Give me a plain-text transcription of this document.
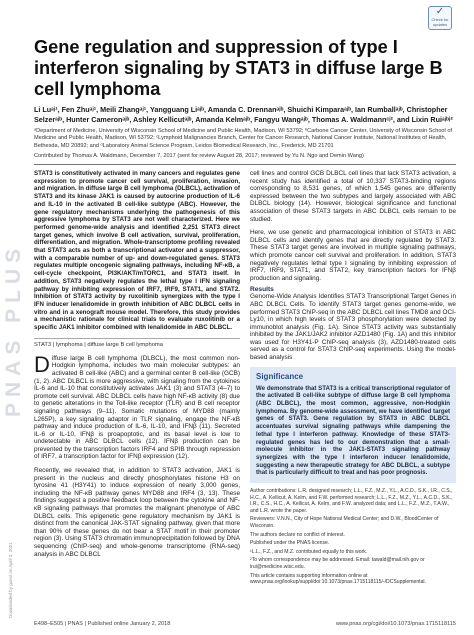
PNAS PLUS
Downloaded by guest on April 3, 2021
✓
Check for
updates
Gene regulation and suppression of type I interferon signaling by STAT3 in diffuse large B cell lymphoma
Li Luᵃʲ¹, Fen Zhuᵃʲ¹, Meili Zhangᵃʲ¹, Yangguang Liᵃʲᵇ, Amanda C. Drennanᵃʲᵇ, Shuichi Kimparaᵃʲᵇ, Ian Rumballᵃʲᵇ, Christopher Selzerᵃʲᵇ, Hunter Cameronᵃʲᵇ, Ashley Kellicutᵃʲᵇ, Amanda Kelmᵃʲᵇ, Fangyu Wangᵃʲᵇ, Thomas A. Waldmannᶜʲ², and Lixin Ruiᵃʲᵇʲ²
ᵃDepartment of Medicine, University of Wisconsin School of Medicine and Public Health, Madison, WI 53792; ᵇCarbone Cancer Center, University of Wisconsin School of Medicine and Public Health, Madison, WI 53792; ᶜLymphoid Malignancies Branch, Center for Cancer Research, National Cancer Institute, National Institutes of Health, Bethesda, MD 20892; and ᵈLaboratory Animal Science Program, Leidos Biomedical Research, Inc., Frederick, MD 21701
Contributed by Thomas A. Waldmann, December 7, 2017 (sent for review August 28, 2017; reviewed by Yu N. Ngo and Demin Wang)

STAT3 is constitutively activated in many cancers and regulates gene expression to promote cancer cell survival, proliferation, invasion, and migration. In diffuse large B cell lymphoma (DLBCL), activation of STAT3 and its kinase JAK1 is caused by autocrine production of IL-6 and IL-10 in the activated B cell-like subtype (ABC). However, the gene regulatory mechanisms underlying the pathogenesis of this aggressive lymphoma by STAT3 are not well characterized. Here we performed genome-wide analysis and identified 2,251 STAT3 direct target genes, which involve B cell activation, survival, proliferation, differentiation, and migration. Whole-transcriptome profiling revealed that STAT3 acts as both a transcriptional activator and a suppressor, with a comparable number of up- and down-regulated genes. STAT3 regulates multiple oncogenic signaling pathways, including NF-κB, a cell-cycle checkpoint, PI3K/AKT/mTORC1, and STAT3 itself. In addition, STAT3 negatively regulates the lethal type I IFN signaling pathway by inhibiting expression of IRF7, IRF9, STAT1, and STAT2. Inhibition of STAT3 activity by ruxolitinib synergizes with the type I IFN inducer lenalidomide in growth inhibition of ABC DLBCL cells in vitro and in a xenograft mouse model. Therefore, this study provides a mechanistic rationale for clinical trials to evaluate ruxolitinib or a specific JAK1 inhibitor combined with lenalidomide in ABC DLBCL.

STAT3 | lymphoma | diffuse large B cell lymphoma
D iffuse large B cell lymphoma (DLBCL), the most common non-Hodgkin lymphoma, includes two main molecular subtypes: an activated B cell-like (ABC) and a germinal center B cell-like (GCB) (1, 2). ABC DLBCL is more aggressive, with signaling from the cytokines IL-6 and IL-10 that constitutively activates JAK1 (3) and STAT3 (4–7) to promote cell survival. ABC DLBCL cells have high NF-κB activity (8) due to genetic alterations in the Toll-like receptor (TLR) and B cell receptor signaling pathways (9–11). Somatic mutations of MYD88 (mainly L265P), a key signaling adaptor in TLR signaling, engage the NF-κB pathway and induce production of IL-6, IL-10, and IFNβ (11). Secreted IL-6 or IL-10, IFNβ is proapoptotic, and its basal level is low to undetectable in ABC DLBCL cells (12). IFNβ production can be prevented by the transcription factors IRF4 and SPIB through repression of IRF7, a transcription factor for IFNβ expression (12).

Recently, we revealed that, in addition to STAT3 activation, JAK1 is present in the nucleus and directly phosphorylates histone H3 on tyrosine 41 (H3Y41) to induce expression of nearly 3,000 genes, including the NF-κB pathway genes MYD88 and IRF4 (3, 13). These findings suggest a positive feedback loop between the cytokine and NF-κB signaling pathways that promotes the malignant phenotype of ABC DLBCL cells. This epigenetic gene regulatory mechanism by JAK1 is distinct from the canonical JAK-STAT signaling pathway, given that more than 90% of these genes do not bear a STAT motif in their promoter region (3). Using STAT3 chromatin immunoprecipitation followed by DNA sequencing (ChIP-seq) and whole-genome transcriptome (RNA-seq) analysis in ABC DLBCL

cell lines and control GCB DLBCL cell lines that lack STAT3 activation, a recent study has identified a total of 10,337 STAT3-binding regions corresponding to 8,531 genes, of which 1,545 genes are differently expressed between the two subtypes and largely associated with ABC DLBCL biology (14). However, biological significance and functional association of these STAT3 targets in ABC DLBCL cells remain to be studied.

Here, we use genetic and pharmacological inhibition of STAT3 in ABC DLBCL cells and identify genes that are directly regulated by STAT3. These STAT3 target genes are involved in multiple signaling pathways, which promote cancer cell survival and proliferation. In addition, STAT3 negatively regulates lethal type I signaling by inhibiting expression of IRF7, IRF9, STAT1, and STAT2, key transcription factors for IFNβ production and signaling.

Results

Genome-Wide Analysis Identifies STAT3 Transcriptional Target Genes in ABC DLBCL Cells. To identify STAT3 target genes genome-wide, we performed STAT3 ChIP-seq in the ABC DLBCL cell lines TMD8 and OCI-Ly10, in which high levels of STAT3 phosphorylation were detected by immunoblot analysis (Fig. 1A). Since STAT3 activity was substantially inhibited by the JAK1/JAK2 inhibitor AZD1480 (Fig. 1A) and this inhibitor was used for H3Y41-P ChIP-seq analysis (3), AZD1480-treated cells served as a control for STAT3 ChIP-seq experiments. Using the model-based analysis

Significance

We demonstrate that STAT3 is a critical transcriptional regulator of the activated B cell-like subtype of diffuse large B cell lymphoma (ABC DLBCL), the most common, aggressive, non-Hodgkin lymphoma. By genome-wide assessment, we have identified target genes of STAT3. Gene regulation by STAT3 in ABC DLBCL accentuates survival signaling pathways while dampening the lethal type I interferon pathway. Knowledge of these STAT3-regulated genes has led to our demonstration that a small-molecule inhibitor in the JAK1-STAT3 signaling pathway synergizes with the type I interferon inducer lenalidomide, suggesting a new therapeutic strategy for ABC DLBCL, a subtype that is particularly difficult to treat and has poor prognosis.

Author contributions: L.R. designed research; L.L., F.Z., M.Z., Y.L., A.C.D., S.K., I.R., C.S., H.C., A. Kellicut, A. Kelm, and F.W. performed research; L.L., F.Z., M.Z., Y.L., A.C.D., S.K., I.R., C.S., H.C., A. Kellicut, A. Kelm, and F.W. analyzed data; and L.L., F.Z., M.Z., T.A.W., and L.R. wrote the paper.

Reviewers: V.N.N., City of Hope National Medical Center; and D.W., BloodCenter of Wisconsin.

The authors declare no conflict of interest.

Published under the PNAS license.

¹L.L., F.Z., and M.Z. contributed equally to this work.

²To whom correspondence may be addressed. Email: tawald@mail.nih.gov or lrui@medicine.wisc.edu.

This article contains supporting information online at www.pnas.org/lookup/suppl/doi:10.1073/pnas.1715118115/-/DCSupplemental.

E498–E505 | PNAS | Published online January 2, 2018	www.pnas.org/cgi/doi/10.1073/pnas.1715118115
